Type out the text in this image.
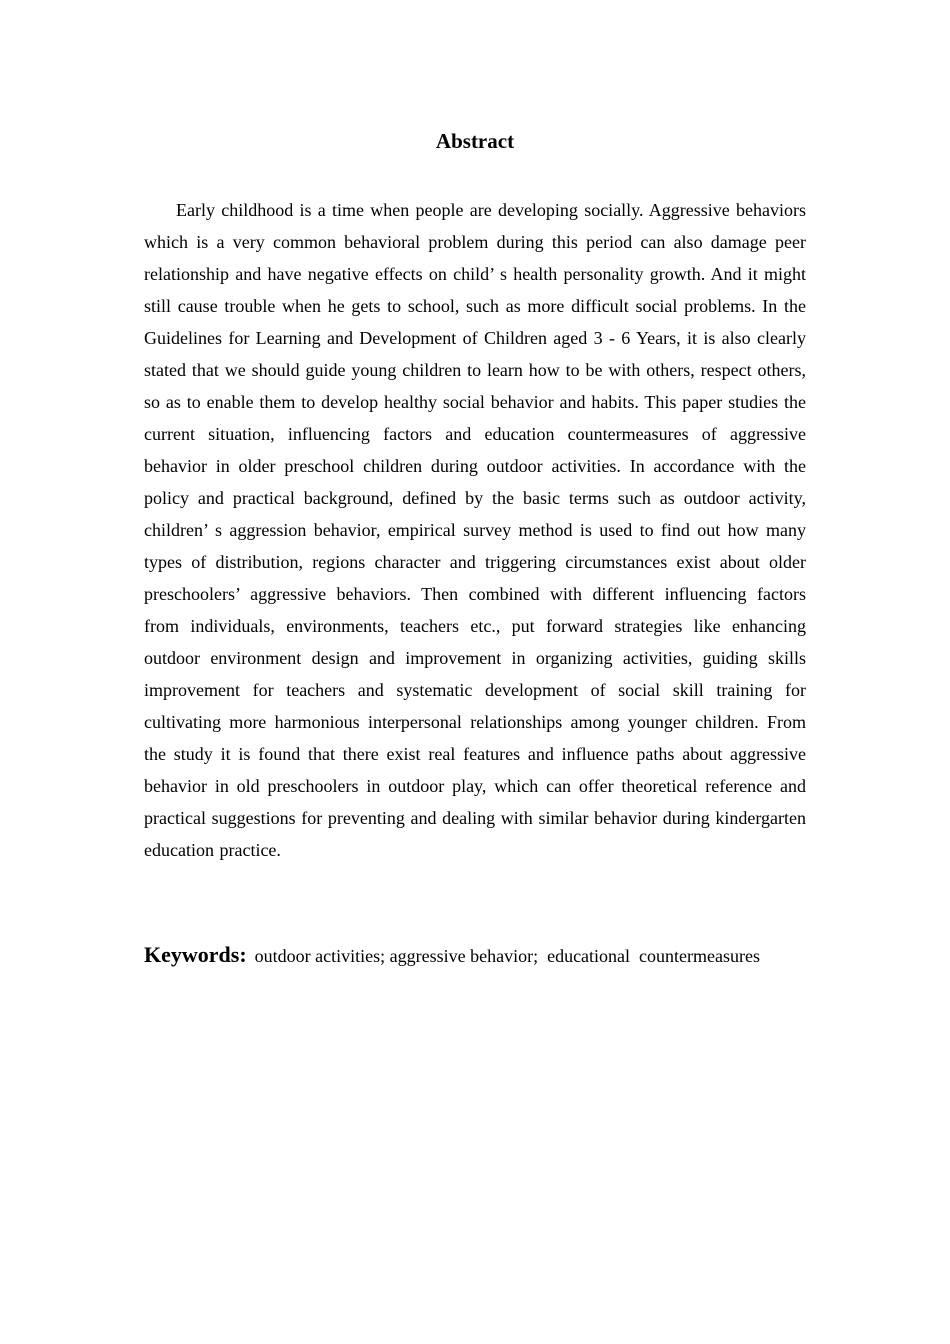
Abstract

Early childhood is a time when people are developing socially. Aggressive behaviors which is a very common behavioral problem during this period can also damage peer relationship and have negative effects on child’ s health personality growth. And it might still cause trouble when he gets to school, such as more difficult social problems. In the Guidelines for Learning and Development of Children aged 3 - 6 Years, it is also clearly stated that we should guide young children to learn how to be with others, respect others, so as to enable them to develop healthy social behavior and habits. This paper studies the current situation, influencing factors and education countermeasures of aggressive behavior in older preschool children during outdoor activities. In accordance with the policy and practical background, defined by the basic terms such as outdoor activity, children’ s aggression behavior, empirical survey method is used to find out how many types of distribution, regions character and triggering circumstances exist about older preschoolers’ aggressive behaviors. Then combined with different influencing factors from individuals, environments, teachers etc., put forward strategies like enhancing outdoor environment design and improvement in organizing activities, guiding skills improvement for teachers and systematic development of social skill training for cultivating more harmonious interpersonal relationships among younger children. From the study it is found that there exist real features and influence paths about aggressive behavior in old preschoolers in outdoor play, which can offer theoretical reference and practical suggestions for preventing and dealing with similar behavior during kindergarten education practice.

Keywords: outdoor activities; aggressive behavior;  educational  countermeasures
